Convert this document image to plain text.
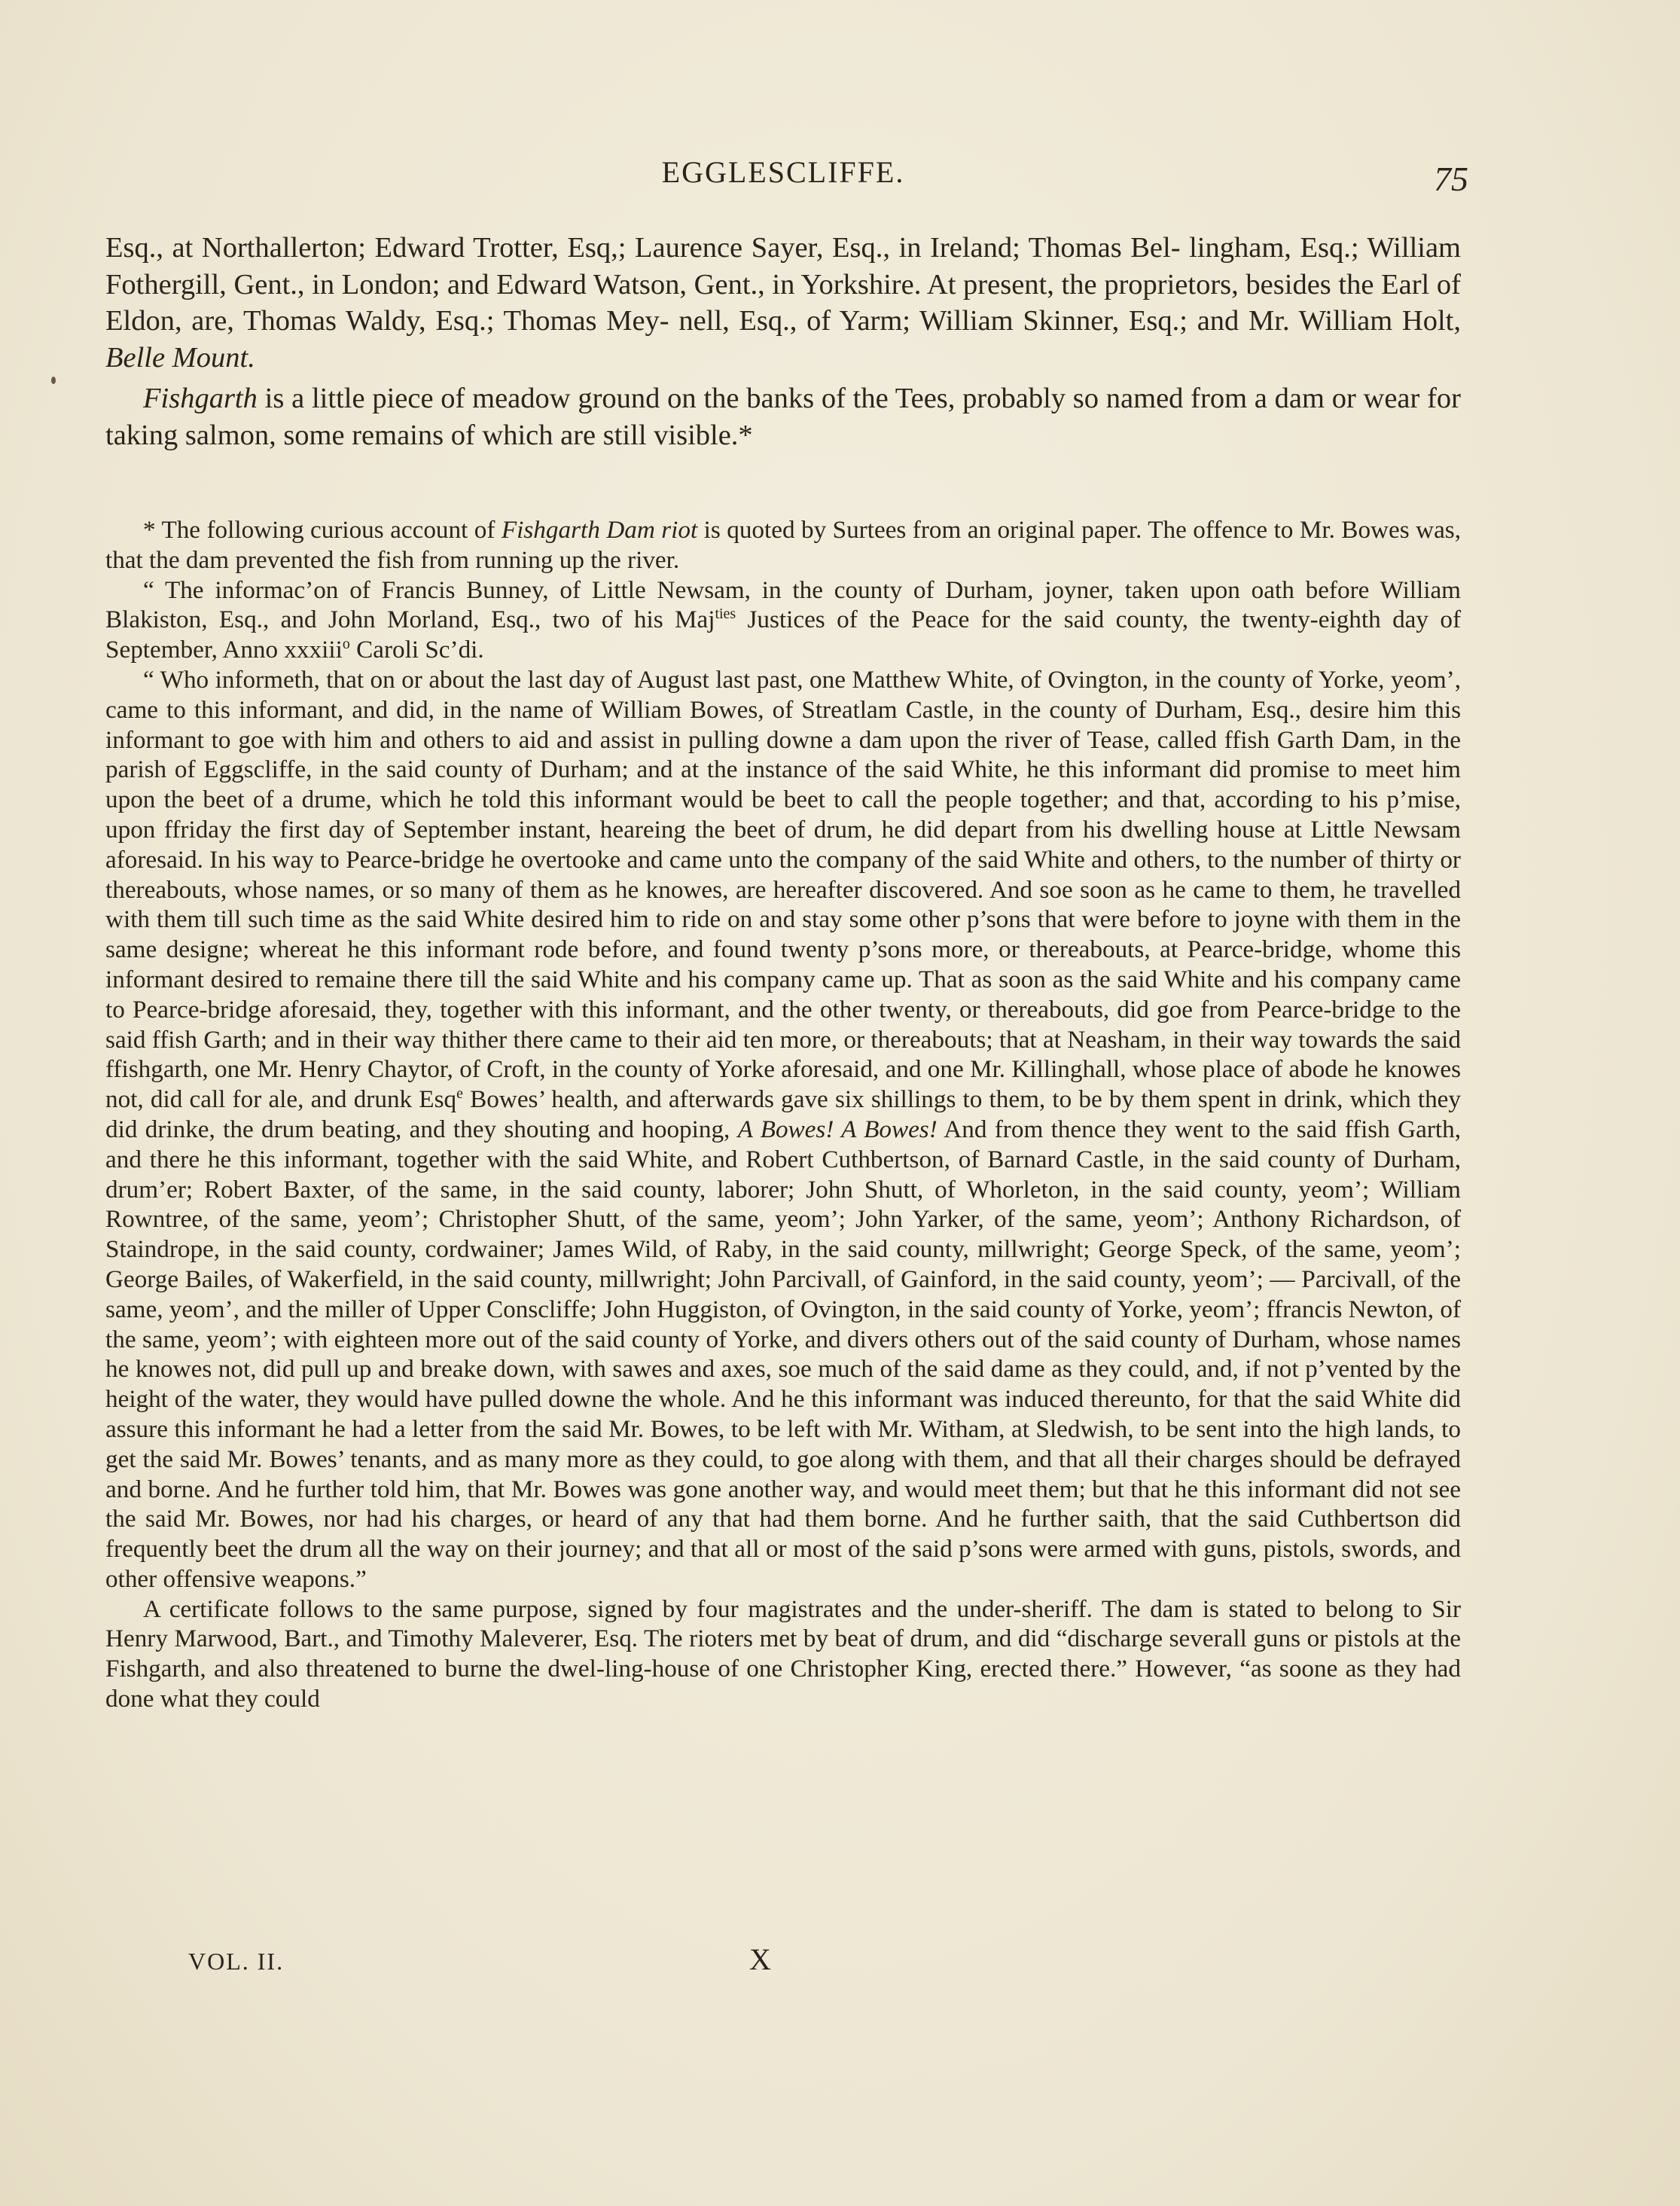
EGGLESCLIFFE.	75

Esq., at Northallerton; Edward Trotter, Esq,; Laurence Sayer, Esq., in Ireland; Thomas Bel- lingham, Esq.; William Fothergill, Gent., in London; and Edward Watson, Gent., in Yorkshire. At present, the proprietors, besides the Earl of Eldon, are, Thomas Waldy, Esq.; Thomas Mey- nell, Esq., of Yarm; William Skinner, Esq.; and Mr. William Holt, Belle Mount.

Fishgarth is a little piece of meadow ground on the banks of the Tees, probably so named from a dam or wear for taking salmon, some remains of which are still visible.*

* The following curious account of Fishgarth Dam riot is quoted by Surtees from an original paper. The offence to Mr. Bowes was, that the dam prevented the fish from running up the river.

“ The informac’on of Francis Bunney, of Little Newsam, in the county of Durham, joyner, taken upon oath before William Blakiston, Esq., and John Morland, Esq., two of his Maj$^{ties}$ Justices of the Peace for the said county, the twenty-eighth day of September, Anno xxxiii$^o$ Caroli Sc’di.

“ Who informeth, that on or about the last day of August last past, one Matthew White, of Ovington, in the county of Yorke, yeom’, came to this informant, and did, in the name of William Bowes, of Streatlam Castle, in the county of Durham, Esq., desire him this informant to goe with him and others to aid and assist in pulling downe a dam upon the river of Tease, called ffish Garth Dam, in the parish of Eggscliffe, in the said county of Durham; and at the instance of the said White, he this informant did promise to meet him upon the beet of a drume, which he told this informant would be beet to call the people together; and that, according to his p’mise, upon ffriday the first day of September instant, heareing the beet of drum, he did depart from his dwelling house at Little Newsam aforesaid. In his way to Pearce-bridge he overtooke and came unto the company of the said White and others, to the number of thirty or thereabouts, whose names, or so many of them as he knowes, are hereafter discovered. And soe soon as he came to them, he travelled with them till such time as the said White desired him to ride on and stay some other p’sons that were before to joyne with them in the same designe; whereat he this informant rode before, and found twenty p’sons more, or thereabouts, at Pearce-bridge, whome this informant desired to remaine there till the said White and his company came up. That as soon as the said White and his company came to Pearce-bridge aforesaid, they, together with this informant, and the other twenty, or thereabouts, did goe from Pearce-bridge to the said ffish Garth; and in their way thither there came to their aid ten more, or thereabouts; that at Neasham, in their way towards the said ffishgarth, one Mr. Henry Chaytor, of Croft, in the county of Yorke aforesaid, and one Mr. Killinghall, whose place of abode he knowes not, did call for ale, and drunk Esq$^e$ Bowes’ health, and afterwards gave six shillings to them, to be by them spent in drink, which they did drinke, the drum beating, and they shouting and hooping, A Bowes! A Bowes! And from thence they went to the said ffish Garth, and there he this informant, together with the said White, and Robert Cuthbertson, of Barnard Castle, in the said county of Durham, drum’er; Robert Baxter, of the same, in the said county, laborer; John Shutt, of Whorleton, in the said county, yeom’; William Rowntree, of the same, yeom’; Christopher Shutt, of the same, yeom’; John Yarker, of the same, yeom’; Anthony Richardson, of Staindrope, in the said county, cordwainer; James Wild, of Raby, in the said county, millwright; George Speck, of the same, yeom’; George Bailes, of Wakerfield, in the said county, millwright; John Parcivall, of Gainford, in the said county, yeom’; — Parcivall, of the same, yeom’, and the miller of Upper Conscliffe; John Huggiston, of Ovington, in the said county of Yorke, yeom’; ffrancis Newton, of the same, yeom’; with eighteen more out of the said county of Yorke, and divers others out of the said county of Durham, whose names he knowes not, did pull up and breake down, with sawes and axes, soe much of the said dame as they could, and, if not p’vented by the height of the water, they would have pulled downe the whole. And he this informant was induced thereunto, for that the said White did assure this informant he had a letter from the said Mr. Bowes, to be left with Mr. Witham, at Sledwish, to be sent into the high lands, to get the said Mr. Bowes’ tenants, and as many more as they could, to goe along with them, and that all their charges should be defrayed and borne. And he further told him, that Mr. Bowes was gone another way, and would meet them; but that he this informant did not see the said Mr. Bowes, nor had his charges, or heard of any that had them borne. And he further saith, that the said Cuthbertson did frequently beet the drum all the way on their journey; and that all or most of the said p’sons were armed with guns, pistols, swords, and other offensive weapons.”

A certificate follows to the same purpose, signed by four magistrates and the under-sheriff. The dam is stated to belong to Sir Henry Marwood, Bart., and Timothy Maleverer, Esq. The rioters met by beat of drum, and did “discharge severall guns or pistols at the Fishgarth, and also threatened to burne the dwel-ling-house of one Christopher King, erected there.” However, “as soone as they had done what they could

VOL. II.	X
